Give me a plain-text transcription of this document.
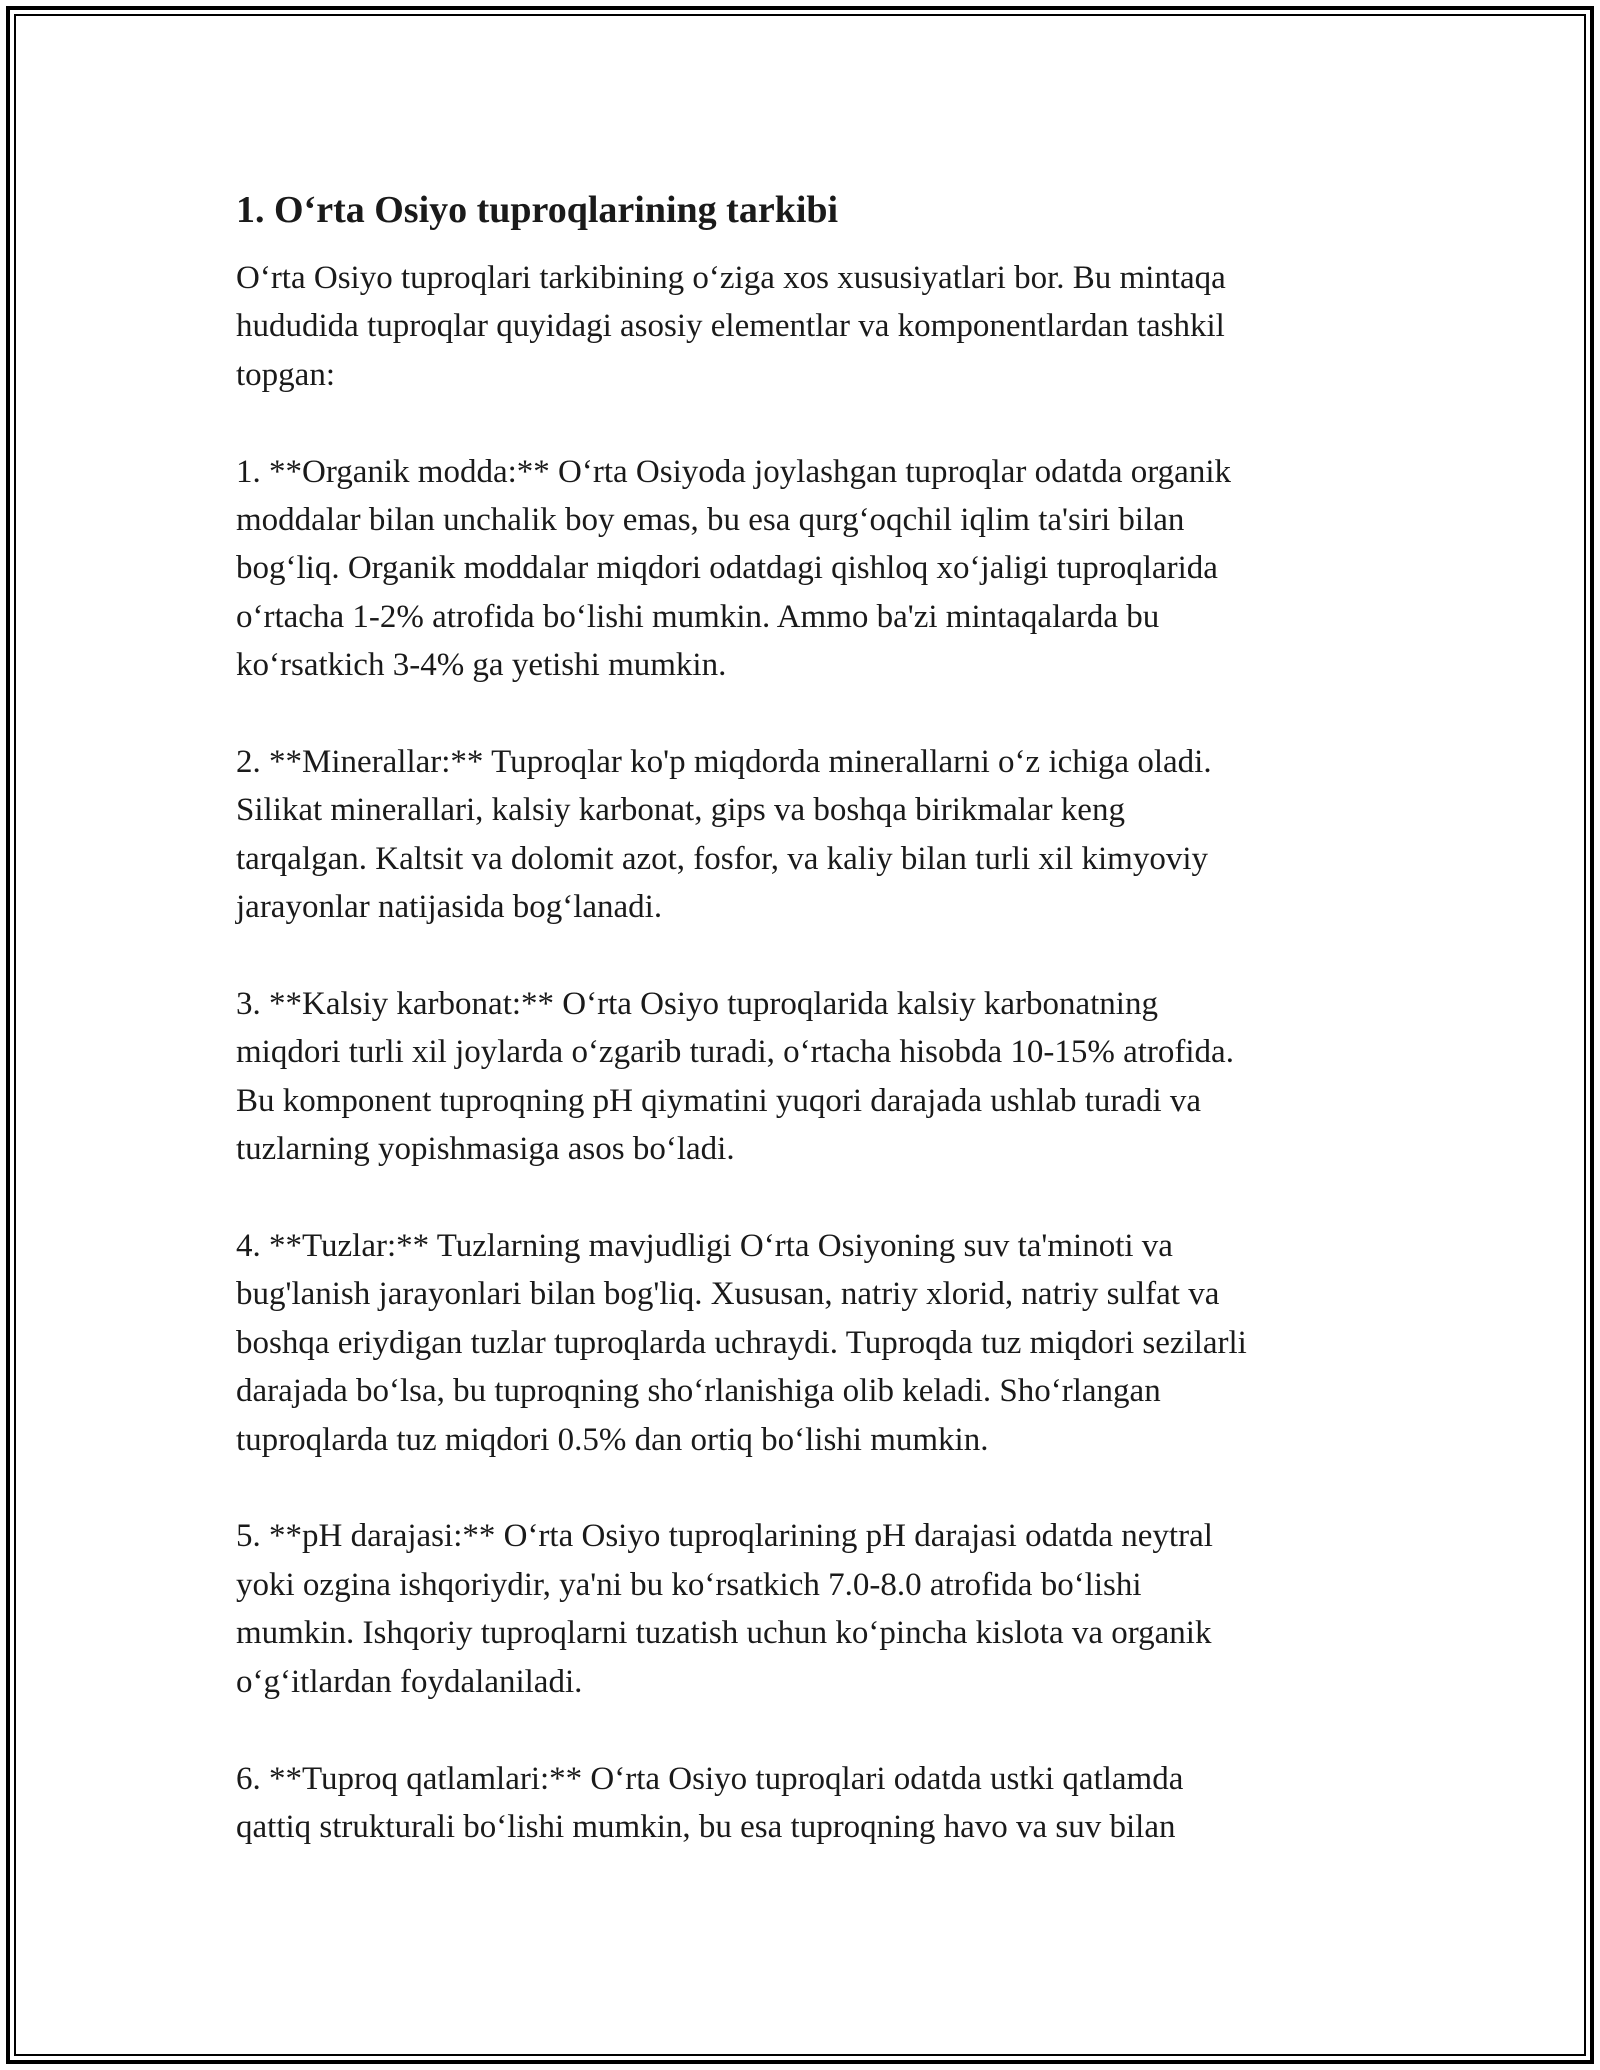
1. O‘rta Osiyo tuproqlarining tarkibi

O‘rta Osiyo tuproqlari tarkibining o‘ziga xos xususiyatlari bor. Bu mintaqa
hududida tuproqlar quyidagi asosiy elementlar va komponentlardan tashkil
topgan:

1. **Organik modda:** O‘rta Osiyoda joylashgan tuproqlar odatda organik
moddalar bilan unchalik boy emas, bu esa qurg‘oqchil iqlim ta'siri bilan
bog‘liq. Organik moddalar miqdori odatdagi qishloq xo‘jaligi tuproqlarida
o‘rtacha 1-2% atrofida bo‘lishi mumkin. Ammo ba'zi mintaqalarda bu
ko‘rsatkich 3-4% ga yetishi mumkin.

2. **Minerallar:** Tuproqlar ko'p miqdorda minerallarni o‘z ichiga oladi.
Silikat minerallari, kalsiy karbonat, gips va boshqa birikmalar keng
tarqalgan. Kaltsit va dolomit azot, fosfor, va kaliy bilan turli xil kimyoviy
jarayonlar natijasida bog‘lanadi.

3. **Kalsiy karbonat:** O‘rta Osiyo tuproqlarida kalsiy karbonatning
miqdori turli xil joylarda o‘zgarib turadi, o‘rtacha hisobda 10-15% atrofida.
Bu komponent tuproqning pH qiymatini yuqori darajada ushlab turadi va
tuzlarning yopishmasiga asos bo‘ladi.

4. **Tuzlar:** Tuzlarning mavjudligi O‘rta Osiyoning suv ta'minoti va
bug'lanish jarayonlari bilan bog'liq. Xususan, natriy xlorid, natriy sulfat va
boshqa eriydigan tuzlar tuproqlarda uchraydi. Tuproqda tuz miqdori sezilarli
darajada bo‘lsa, bu tuproqning sho‘rlanishiga olib keladi. Sho‘rlangan
tuproqlarda tuz miqdori 0.5% dan ortiq bo‘lishi mumkin.

5. **pH darajasi:** O‘rta Osiyo tuproqlarining pH darajasi odatda neytral
yoki ozgina ishqoriydir, ya'ni bu ko‘rsatkich 7.0-8.0 atrofida bo‘lishi
mumkin. Ishqoriy tuproqlarni tuzatish uchun ko‘pincha kislota va organik
o‘g‘itlardan foydalaniladi.

6. **Tuproq qatlamlari:** O‘rta Osiyo tuproqlari odatda ustki qatlamda
qattiq strukturali bo‘lishi mumkin, bu esa tuproqning havo va suv bilan
